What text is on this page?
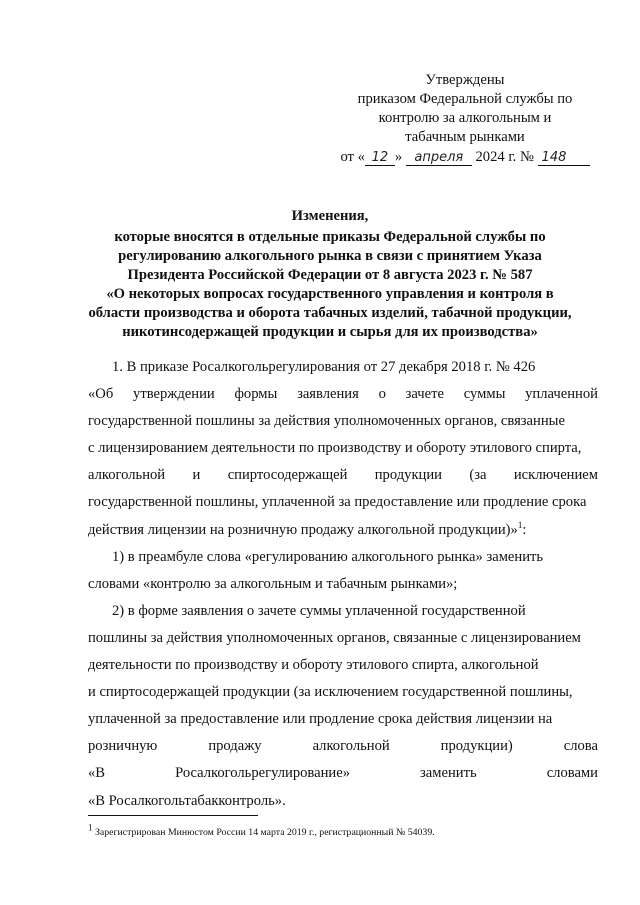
Утверждены
приказом Федеральной службы по
контролю за алкогольным и
табачным рынками
от « 12 » апреля 2024 г. № 148
Изменения,
которые вносятся в отдельные приказы Федеральной службы по
регулированию алкогольного рынка в связи с принятием Указа
Президента Российской Федерации от 8 августа 2023 г. № 587
«О некоторых вопросах государственного управления и контроля в
области производства и оборота табачных изделий, табачной продукции,
никотинсодержащей продукции и сырья для их производства»
1. В приказе Росалкогольрегулирования от 27 декабря 2018 г. № 426
«Об утверждении формы заявления о зачете суммы уплаченной
государственной пошлины за действия уполномоченных органов, связанные
с лицензированием деятельности по производству и обороту этилового спирта,
алкогольной и спиртосодержащей продукции (за исключением
государственной пошлины, уплаченной за предоставление или продление срока
действия лицензии на розничную продажу алкогольной продукции)»$^1$:
1) в преамбуле слова «регулированию алкогольного рынка» заменить
словами «контролю за алкогольным и табачным рынками»;
2) в форме заявления о зачете суммы уплаченной государственной
пошлины за действия уполномоченных органов, связанные с лицензированием
деятельности по производству и обороту этилового спирта, алкогольной
и спиртосодержащей продукции (за исключением государственной пошлины,
уплаченной за предоставление или продление срока действия лицензии на
розничную	продажу	алкогольной	продукции)	слова
«В	Росалкогольрегулирование»	заменить	словами
«В Росалкогольтабакконтроль».
$^1$ Зарегистрирован Минюстом России 14 марта 2019 г., регистрационный № 54039.
